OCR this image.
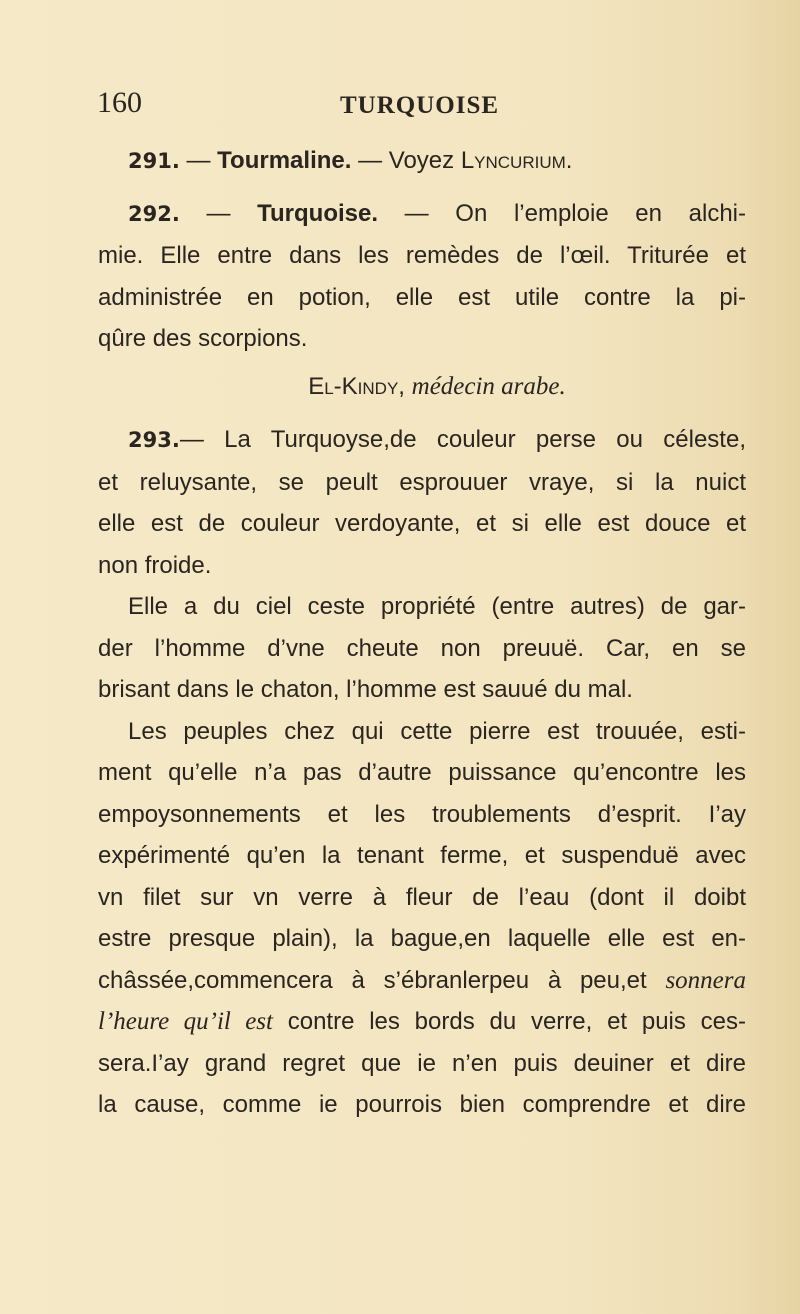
160	TURQUOISE

291. — Tourmaline. — Voyez Lyncurium.

292. — Turquoise. — On l’emploie en alchi-
mie. Elle entre dans les remèdes de l’œil. Triturée et
administrée en potion, elle est utile contre la pi-
qûre des scorpions.

El-Kindy, médecin arabe.

293.— La Turquoyse,de couleur perse ou céleste,
et reluysante, se peult esprouuer vraye, si la nuict
elle est de couleur verdoyante, et si elle est douce et
non froide.

Elle a du ciel ceste propriété (entre autres) de gar-
der l’homme d’vne cheute non preuuë. Car, en se
brisant dans le chaton, l’homme est sauué du mal.

Les peuples chez qui cette pierre est trouuée, esti-
ment qu’elle n’a pas d’autre puissance qu’encontre les
empoysonnements et les troublements d’esprit. I’ay
expérimenté qu’en la tenant ferme, et suspenduë avec
vn filet sur vn verre à fleur de l’eau (dont il doibt
estre presque plain), la bague,en laquelle elle est en-
châssée,commencera à s’ébranlerpeu à peu,et sonnera
l’heure qu’il est contre les bords du verre, et puis ces-
sera.I’ay grand regret que ie n’en puis deuiner et dire
la cause, comme ie pourrois bien comprendre et dire
